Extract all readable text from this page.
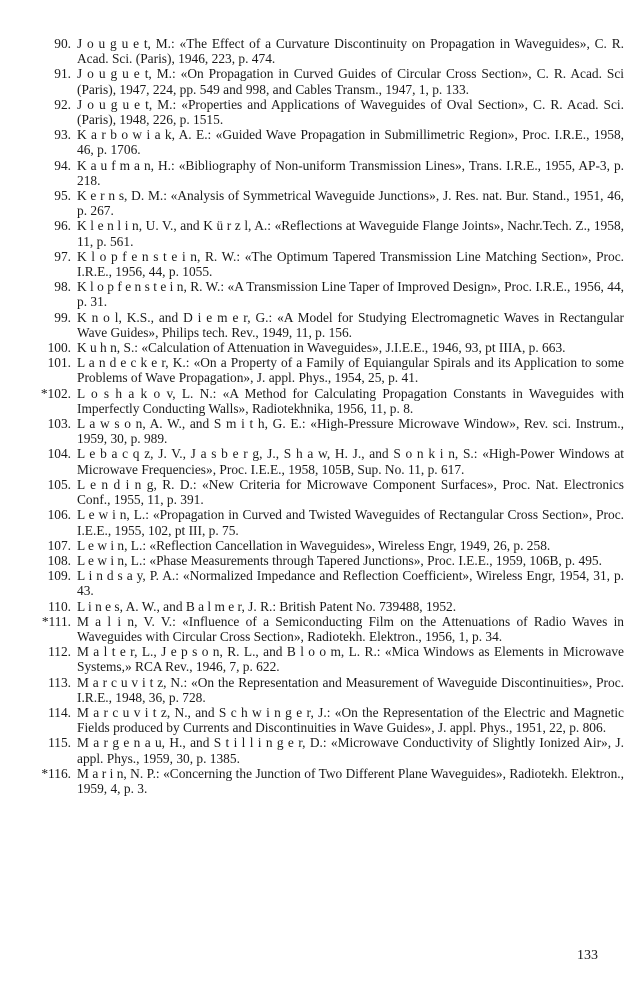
90. J o u g u e t, M.: «The Effect of a Curvature Discontinuity on Propagation in Waveguides», C. R. Acad. Sci. (Paris), 1946, 223, p. 474.
91. J o u g u e t, M.: «On Propagation in Curved Guides of Circular Cross Section», C. R. Acad. Sci (Paris), 1947, 224, pp. 549 and 998, and Cables Transm., 1947, 1, p. 133.
92. J o u g u e t, M.: «Properties and Applications of Waveguides of Oval Section», C. R. Acad. Sci. (Paris), 1948, 226, p. 1515.
93. K a r b o w i a k, A. E.: «Guided Wave Propagation in Submillimetric Region», Proc. I.R.E., 1958, 46, p. 1706.
94. K a u f m a n, H.: «Bibliography of Non-uniform Transmission Lines», Trans. I.R.E., 1955, AP-3, p. 218.
95. K e r n s, D. M.: «Analysis of Symmetrical Waveguide Junctions», J. Res. nat. Bur. Stand., 1951, 46, p. 267.
96. K l e n l i n, U. V., and K ü r z l, A.: «Reflections at Waveguide Flange Joints», Nachr.Tech. Z., 1958, 11, p. 561.
97. K l o p f e n s t e i n, R. W.: «The Optimum Tapered Transmission Line Matching Section», Proc. I.R.E., 1956, 44, p. 1055.
98. K l o p f e n s t e i n, R. W.: «A Transmission Line Taper of Improved Design», Proc. I.R.E., 1956, 44, p. 31.
99. K n o l, K.S., and D i e m e r, G.: «A Model for Studying Electromagnetic Waves in Rectangular Wave Guides», Philips tech. Rev., 1949, 11, p. 156.
100. K u h n, S.: «Calculation of Attenuation in Waveguides», J.I.E.E., 1946, 93, pt IIIA, p. 663.
101. L a n d e c k e r, K.: «On a Property of a Family of Equiangular Spirals and its Application to some Problems of Wave Propagation», J. appl. Phys., 1954, 25, p. 41.
*102. L o s h a k o v, L. N.: «A Method for Calculating Propagation Constants in Waveguides with Imperfectly Conducting Walls», Radiotekhnika, 1956, 11, p. 8.
103. L a w s o n, A. W., and S m i t h, G. E.: «High-Pressure Microwave Window», Rev. sci. Instrum., 1959, 30, p. 989.
104. L e b a c q z, J. V., J a s b e r g, J., S h a w, H. J., and S o n k i n, S.: «High-Power Windows at Microwave Frequencies», Proc. I.E.E., 1958, 105B, Sup. No. 11, p. 617.
105. L e n d i n g, R. D.: «New Criteria for Microwave Component Surfaces», Proc. Nat. Electronics Conf., 1955, 11, p. 391.
106. L e w i n, L.: «Propagation in Curved and Twisted Waveguides of Rectangular Cross Section», Proc. I.E.E., 1955, 102, pt III, p. 75.
107. L e w i n, L.: «Reflection Cancellation in Waveguides», Wireless Engr, 1949, 26, p. 258.
108. L e w i n, L.: «Phase Measurements through Tapered Junctions», Proc. I.E.E., 1959, 106B, p. 495.
109. L i n d s a y, P. A.: «Normalized Impedance and Reflection Coefficient», Wireless Engr, 1954, 31, p. 43.
110. L i n e s, A. W., and B a l m e r, J. R.: British Patent No. 739488, 1952.
*111. M a l i n, V. V.: «Influence of a Semiconducting Film on the Attenuations of Radio Waves in Waveguides with Circular Cross Section», Radiotekh. Elektron., 1956, 1, p. 34.
112. M a l t e r, L., J e p s o n, R. L., and B l o o m, L. R.: «Mica Windows as Elements in Microwave Systems,» RCA Rev., 1946, 7, p. 622.
113. M a r c u v i t z, N.: «On the Representation and Measurement of Waveguide Discontinuities», Proc. I.R.E., 1948, 36, p. 728.
114. M a r c u v i t z, N., and S c h w i n g e r, J.: «On the Representation of the Electric and Magnetic Fields produced by Currents and Discontinuities in Wave Guides», J. appl. Phys., 1951, 22, p. 806.
115. M a r g e n a u, H., and S t i l l i n g e r, D.: «Microwave Conductivity of Slightly Ionized Air», J. appl. Phys., 1959, 30, p. 1385.
*116. M a r i n, N. P.: «Concerning the Junction of Two Different Plane Waveguides», Radiotekh. Elektron., 1959, 4, p. 3.
133
